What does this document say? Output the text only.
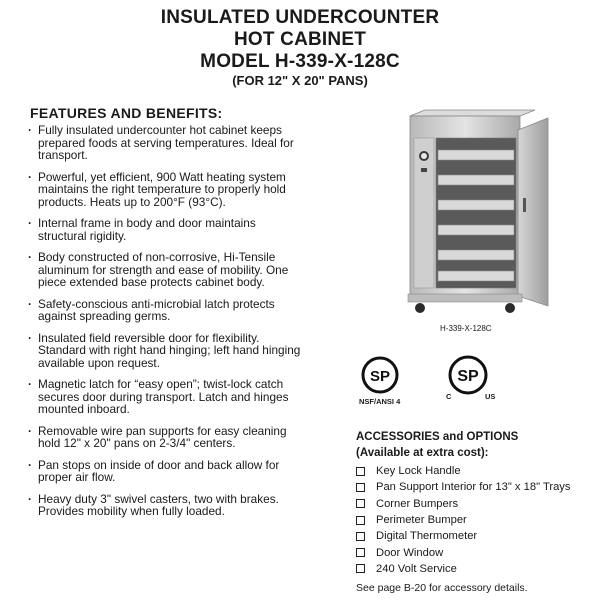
INSULATED UNDERCOUNTER
HOT CABINET
MODEL H-339-X-128C
(FOR 12" X 20" PANS)
FEATURES AND BENEFITS:
· Fully insulated undercounter hot cabinet keeps prepared foods at serving temperatures. Ideal for transport.
· Powerful, yet efficient, 900 Watt heating system maintains the right temperature to properly hold products. Heats up to 200°F (93°C).
· Internal frame in body and door maintains structural rigidity.
· Body constructed of non-corrosive, Hi-Tensile aluminum for strength and ease of mobility. One piece extended base protects cabinet body.
· Safety-conscious anti-microbial latch protects against spreading germs.
· Insulated field reversible door for flexibility. Standard with right hand hinging; left hand hinging available upon request.
· Magnetic latch for “easy open”; twist-lock catch secures door during transport. Latch and hinges mounted inboard.
· Removable wire pan supports for easy cleaning hold 12" x 20" pans on 2-3/4" centers.
· Pan stops on inside of door and back allow for proper air flow.
· Heavy duty 3" swivel casters, two with brakes. Provides mobility when fully loaded.
H-339-X-128C
SP
NSF/ANSI 4
SP
C	US
ACCESSORIES and OPTIONS
(Available at extra cost):
Key Lock Handle
Pan Support Interior for 13" x 18" Trays
Corner Bumpers
Perimeter Bumper
Digital Thermometer
Door Window
240 Volt Service
See page B-20 for accessory details.
